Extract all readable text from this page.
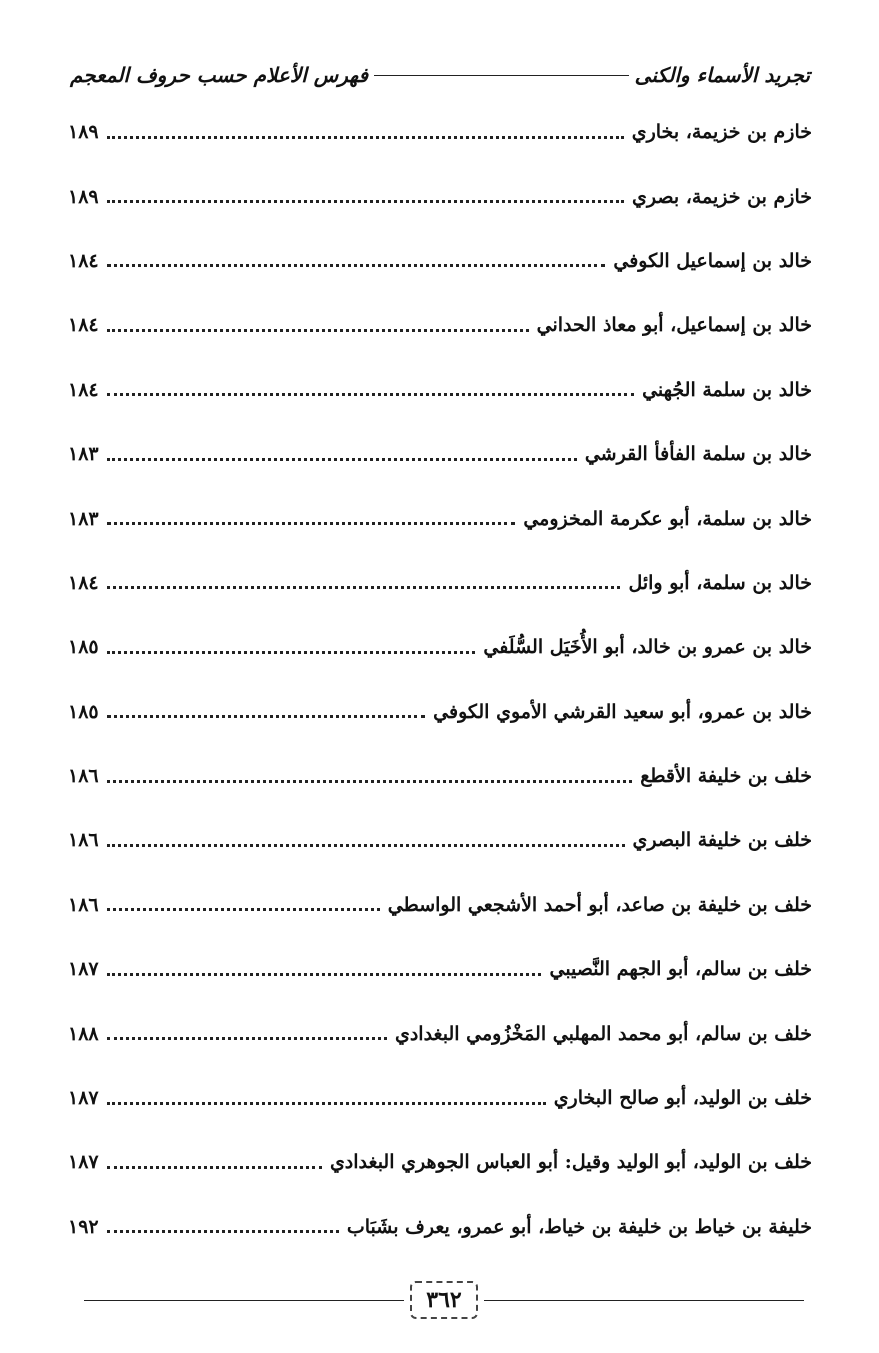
تجريد الأسماء والكنى
فهرس الأعلام حسب حروف المعجم
خازم بن خزيمة، بخاري
١٨٩
خازم بن خزيمة، بصري
١٨٩
خالد بن إسماعيل الكوفي
١٨٤
خالد بن إسماعيل، أبو معاذ الحداني
١٨٤
خالد بن سلمة الجُهني
١٨٤
خالد بن سلمة الفأفأ القرشي
١٨٣
خالد بن سلمة، أبو عكرمة المخزومي
١٨٣
خالد بن سلمة، أبو وائل
١٨٤
خالد بن عمرو بن خالد، أبو الأُخَيَل السُّلَفي
١٨٥
خالد بن عمرو، أبو سعيد القرشي الأموي الكوفي
١٨٥
خلف بن خليفة الأقطع
١٨٦
خلف بن خليفة البصري
١٨٦
خلف بن خليفة بن صاعد، أبو أحمد الأشجعي الواسطي
١٨٦
خلف بن سالم، أبو الجهم النَّصيبي
١٨٧
خلف بن سالم، أبو محمد المهلبي المَخْزُومي البغدادي
١٨٨
خلف بن الوليد، أبو صالح البخاري
١٨٧
خلف بن الوليد، أبو الوليد وقيل: أبو العباس الجوهري البغدادي
١٨٧
خليفة بن خياط بن خليفة بن خياط، أبو عمرو، يعرف بشَبَاب
١٩٢
٣٦٢
